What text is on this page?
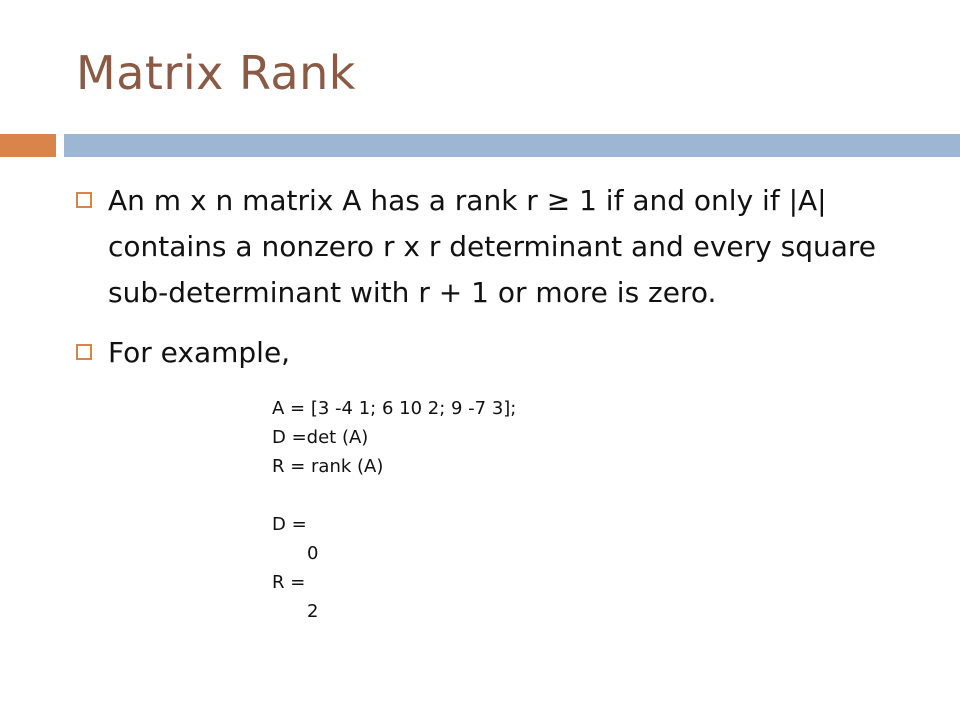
Matrix Rank
An m x n matrix A has a rank r ≥ 1 if and only if |A| contains a nonzero r x r determinant and every square sub-determinant with r + 1 or more is zero.
For example,
A = [3 -4 1; 6 10 2; 9 -7 3];
D =det (A)
R = rank (A)
D =
0
R =
2
